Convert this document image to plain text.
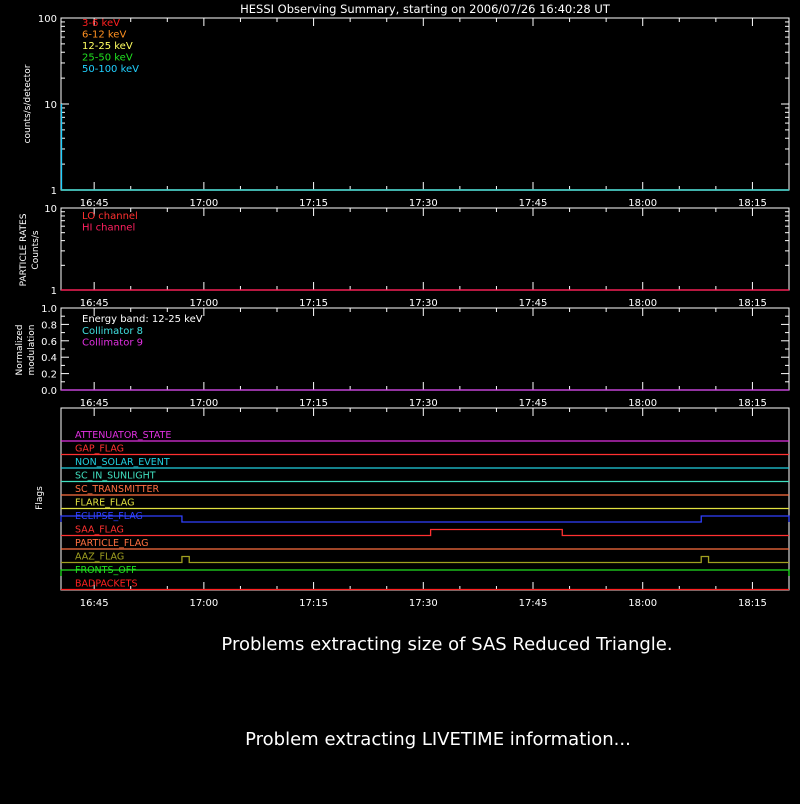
HESSI Observing Summary, starting on 2006/07/26 16:40:28 UT
16:45	17:00	17:15	17:30	17:45	18:00	18:15
1
10
100
counts/s/detector
3-6 keV
6-12 keV
12-25 keV
25-50 keV
50-100 keV
16:45	17:00	17:15	17:30	17:45	18:00	18:15
1
10
PARTICLE RATES Counts/s
LO channel
HI channel
16:45	17:00	17:15	17:30	17:45	18:00	18:15
0.0
0.2
0.4
0.6
0.8
1.0
Normalized modulation
Energy band: 12-25 keV
Collimator 8
Collimator 9
16:45	17:00	17:15	17:30	17:45	18:00	18:15
Flags
ATTENUATOR_STATE
GAP_FLAG
NON_SOLAR_EVENT
SC_IN_SUNLIGHT
SC_TRANSMITTER
FLARE_FLAG
ECLIPSE_FLAG
SAA_FLAG
PARTICLE_FLAG
AAZ_FLAG
FRONTS_OFF
BADPACKETS
Problems extracting size of SAS Reduced Triangle.
Problem extracting LIVETIME information...
